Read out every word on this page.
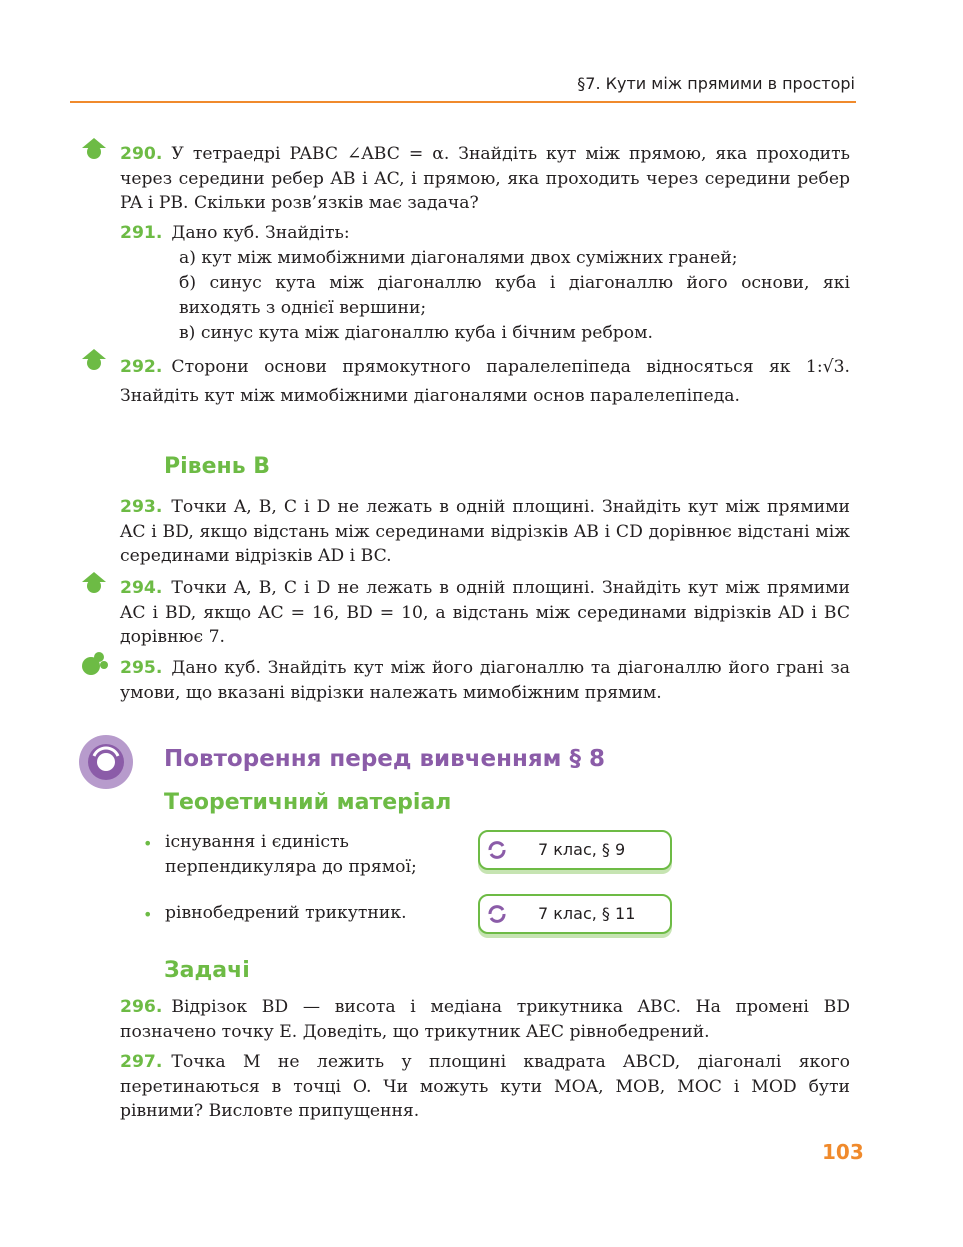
§7. Кути між прямими в просторі
290. У тетраедрі PABC ∠ABC = α. Знайдіть кут між прямою, яка проходить через середини ребер AB і AC, і прямою, яка проходить через середини ребер PA і PB. Скільки розв’язків має задача?
291. Дано куб. Знайдіть:
а) кут між мимобіжними діагоналями двох суміжних граней;
б) синус кута між діагоналлю куба і діагоналлю його основи, які виходять з однієї вершини;
в) синус кута між діагоналлю куба і бічним ребром.
292. Сторони основи прямокутного паралелепіпеда відносяться як 1:√3. Знайдіть кут між мимобіжними діагоналями основ паралелепіпеда.
Рівень В
293. Точки A, B, C і D не лежать в одній площині. Знайдіть кут між прямими AC і BD, якщо відстань між серединами відрізків AB і CD дорівнює відстані між серединами відрізків AD і BC.
294. Точки A, B, C і D не лежать в одній площині. Знайдіть кут між прямими AC і BD, якщо AC = 16, BD = 10, а відстань між серединами відрізків AD і BC дорівнює 7.
295. Дано куб. Знайдіть кут між його діагоналлю та діагоналлю його грані за умови, що вказані відрізки належать мимобіжним прямим.
Повторення перед вивченням § 8
Теоретичний матеріал
• існування і єдиність перпендикуляра до прямої;
7 клас, § 9
• рівнобедрений трикутник.	7 клас, § 11
Задачі
296. Відрізок BD — висота і медіана трикутника ABC. На промені BD позначено точку E. Доведіть, що трикутник AEC рівнобедрений.
297. Точка M не лежить у площині квадрата ABCD, діагоналі якого перетинаються в точці O. Чи можуть кути MOA, MOB, MOC і MOD бути рівними? Висловте припущення.
103
